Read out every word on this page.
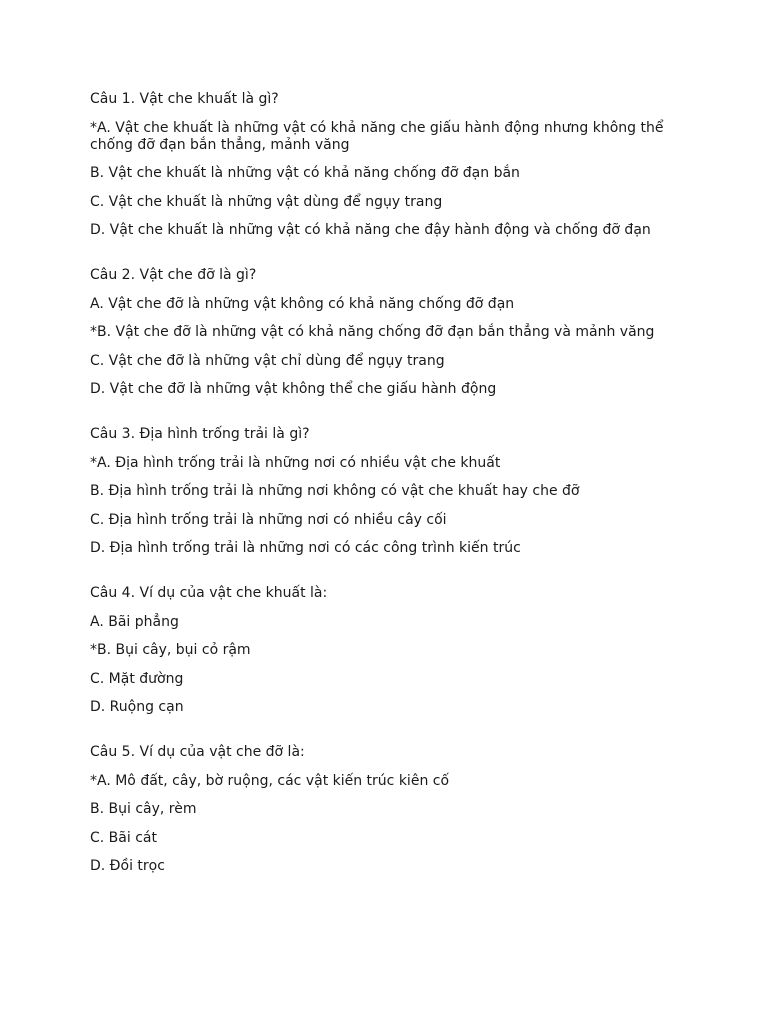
Câu 1. Vật che khuất là gì?
*A. Vật che khuất là những vật có khả năng che giấu hành động nhưng không thể chống đỡ đạn bắn thẳng, mảnh văng
B. Vật che khuất là những vật có khả năng chống đỡ đạn bắn
C. Vật che khuất là những vật dùng để ngụy trang
D. Vật che khuất là những vật có khả năng che đậy hành động và chống đỡ đạn
Câu 2. Vật che đỡ là gì?
A. Vật che đỡ là những vật không có khả năng chống đỡ đạn
*B. Vật che đỡ là những vật có khả năng chống đỡ đạn bắn thẳng và mảnh văng
C. Vật che đỡ là những vật chỉ dùng để ngụy trang
D. Vật che đỡ là những vật không thể che giấu hành động
Câu 3. Địa hình trống trải là gì?
*A. Địa hình trống trải là những nơi có nhiều vật che khuất
B. Địa hình trống trải là những nơi không có vật che khuất hay che đỡ
C. Địa hình trống trải là những nơi có nhiều cây cối
D. Địa hình trống trải là những nơi có các công trình kiến trúc
Câu 4. Ví dụ của vật che khuất là:
A. Bãi phẳng
*B. Bụi cây, bụi cỏ rậm
C. Mặt đường
D. Ruộng cạn
Câu 5. Ví dụ của vật che đỡ là:
*A. Mô đất, cây, bờ ruộng, các vật kiến trúc kiên cố
B. Bụi cây, rèm
C. Bãi cát
D. Đồi trọc
